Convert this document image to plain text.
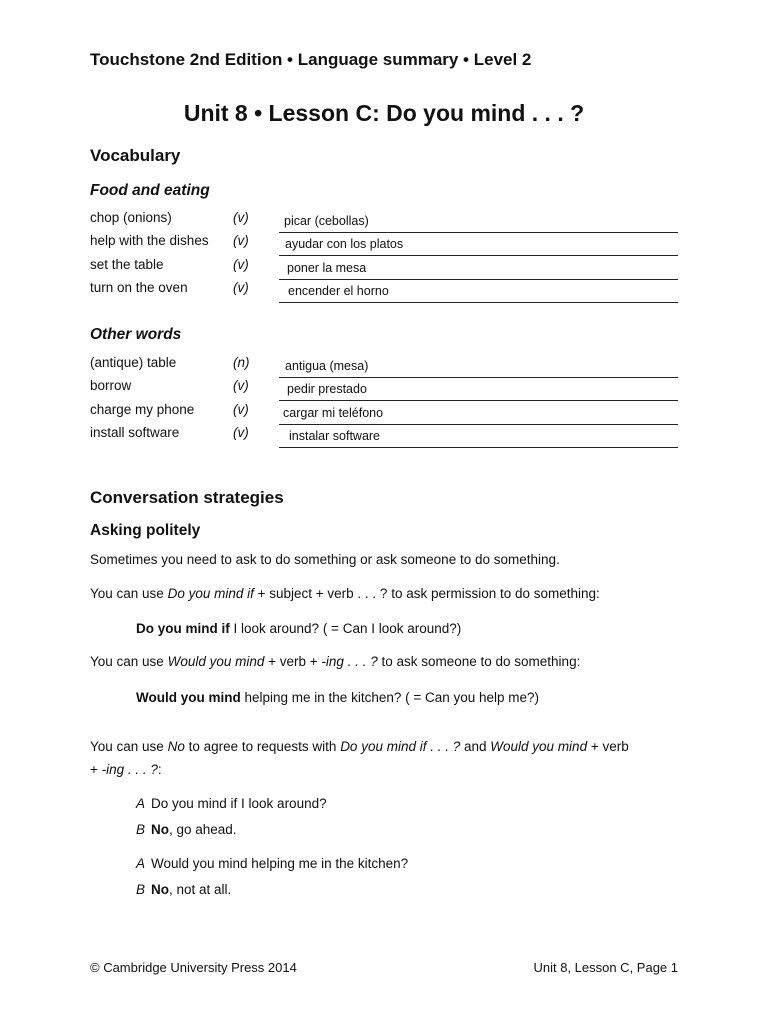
Touchstone 2nd Edition • Language summary • Level 2
Unit 8 • Lesson C: Do you mind . . . ?
Vocabulary
Food and eating
chop (onions)	(v)	picar (cebollas)
help with the dishes (v)	ayudar con los platos
set the table	(v)	poner la mesa
turn on the oven	(v)	encender el horno
Other words
(antique) table	(n)	antigua (mesa)
borrow	(v)	pedir prestado
charge my phone	(v)	cargar mi teléfono
install software	(v)	instalar software
Conversation strategies
Asking politely
Sometimes you need to ask to do something or ask someone to do something.
You can use Do you mind if + subject + verb . . . ? to ask permission to do something:
Do you mind if I look around? ( = Can I look around?)
You can use Would you mind + verb + -ing . . . ? to ask someone to do something:
Would you mind helping me in the kitchen? ( = Can you help me?)
You can use No to agree to requests with Do you mind if . . . ? and Would you mind + verb
+ -ing . . . ?:
A Do you mind if I look around?
B No, go ahead.
A Would you mind helping me in the kitchen?
B No, not at all.
© Cambridge University Press 2014	Unit 8, Lesson C, Page 1
